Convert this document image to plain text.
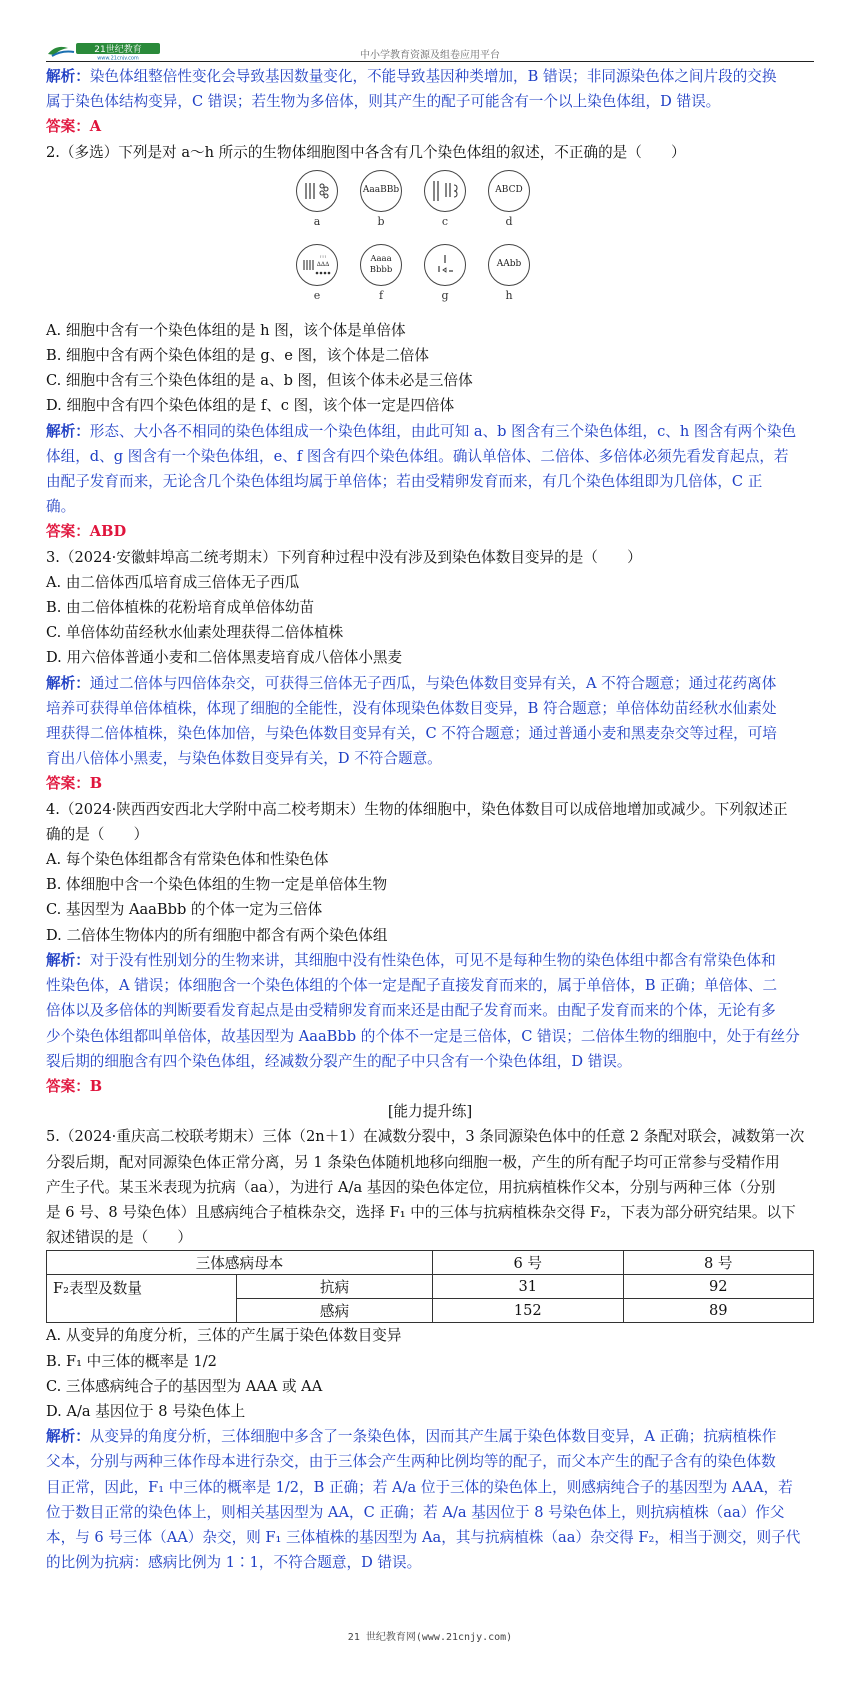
21世纪教育
www.21cnjy.com	中小学教育资源及组卷应用平台
解析：染色体组整倍性变化会导致基因数量变化，不能导致基因种类增加，B 错误；非同源染色体之间片段的交换
属于染色体结构变异，C 错误；若生物为多倍体，则其产生的配子可能含有一个以上染色体组，D 错误。
答案：A
2.（多选）下列是对 a～h 所示的生物体细胞图中各含有几个染色体组的叙述，不正确的是（　　）
a
AaaBBb
b	c
ABCD
d
ꜛꜛꜛ
∆∆∆
e
Aaaa Bbbb
f	g
AAbb
h
A. 细胞中含有一个染色体组的是 h 图，该个体是单倍体
B. 细胞中含有两个染色体组的是 g、e 图，该个体是二倍体
C. 细胞中含有三个染色体组的是 a、b 图，但该个体未必是三倍体
D. 细胞中含有四个染色体组的是 f、c 图，该个体一定是四倍体
解析：形态、大小各不相同的染色体组成一个染色体组，由此可知 a、b 图含有三个染色体组，c、h 图含有两个染色
体组，d、g 图含有一个染色体组，e、f 图含有四个染色体组。确认单倍体、二倍体、多倍体必须先看发育起点，若
由配子发育而来，无论含几个染色体组均属于单倍体；若由受精卵发育而来，有几个染色体组即为几倍体，C 正
确。
答案：ABD
3.（2024·安徽蚌埠高二统考期末）下列育种过程中没有涉及到染色体数目变异的是（　　）
A. 由二倍体西瓜培育成三倍体无子西瓜
B. 由二倍体植株的花粉培育成单倍体幼苗
C. 单倍体幼苗经秋水仙素处理获得二倍体植株
D. 用六倍体普通小麦和二倍体黑麦培育成八倍体小黑麦
解析：通过二倍体与四倍体杂交，可获得三倍体无子西瓜，与染色体数目变异有关，A 不符合题意；通过花药离体
培养可获得单倍体植株，体现了细胞的全能性，没有体现染色体数目变异，B 符合题意；单倍体幼苗经秋水仙素处
理获得二倍体植株，染色体加倍，与染色体数目变异有关，C 不符合题意；通过普通小麦和黑麦杂交等过程，可培
育出八倍体小黑麦，与染色体数目变异有关，D 不符合题意。
答案：B
4.（2024·陕西西安西北大学附中高二校考期末）生物的体细胞中，染色体数目可以成倍地增加或减少。下列叙述正
确的是（　　）
A. 每个染色体组都含有常染色体和性染色体
B. 体细胞中含一个染色体组的生物一定是单倍体生物
C. 基因型为 AaaBbb 的个体一定为三倍体
D. 二倍体生物体内的所有细胞中都含有两个染色体组
解析：对于没有性别划分的生物来讲，其细胞中没有性染色体，可见不是每种生物的染色体组中都含有常染色体和
性染色体，A 错误；体细胞含一个染色体组的个体一定是配子直接发育而来的，属于单倍体，B 正确；单倍体、二
倍体以及多倍体的判断要看发育起点是由受精卵发育而来还是由配子发育而来。由配子发育而来的个体，无论有多
少个染色体组都叫单倍体，故基因型为 AaaBbb 的个体不一定是三倍体，C 错误；二倍体生物的细胞中，处于有丝分
裂后期的细胞含有四个染色体组，经减数分裂产生的配子中只含有一个染色体组，D 错误。
答案：B
[能力提升练]
5.（2024·重庆高二校联考期末）三体（2n＋1）在减数分裂中，3 条同源染色体中的任意 2 条配对联会，减数第一次
分裂后期，配对同源染色体正常分离，另 1 条染色体随机地移向细胞一极，产生的所有配子均可正常参与受精作用
产生子代。某玉米表现为抗病（aa），为进行 A/a 基因的染色体定位，用抗病植株作父本，分别与两种三体（分别
是 6 号、8 号染色体）且感病纯合子植株杂交，选择 F₁ 中的三体与抗病植株杂交得 F₂，下表为部分研究结果。以下
叙述错误的是（　　）
三体感病母本		6 号	8 号
F₂表型及数量	抗病	31	92
	感病	152	89
A. 从变异的角度分析，三体的产生属于染色体数目变异
B. F₁ 中三体的概率是 1/2
C. 三体感病纯合子的基因型为 AAA 或 AA
D. A/a 基因位于 8 号染色体上
解析：从变异的角度分析，三体细胞中多含了一条染色体，因而其产生属于染色体数目变异，A 正确；抗病植株作
父本，分别与两种三体作母本进行杂交，由于三体会产生两种比例均等的配子，而父本产生的配子含有的染色体数
目正常，因此，F₁ 中三体的概率是 1/2，B 正确；若 A/a 位于三体的染色体上，则感病纯合子的基因型为 AAA，若
位于数目正常的染色体上，则相关基因型为 AA，C 正确；若 A/a 基因位于 8 号染色体上，则抗病植株（aa）作父
本，与 6 号三体（AA）杂交，则 F₁ 三体植株的基因型为 Aa，其与抗病植株（aa）杂交得 F₂，相当于测交，则子代
的比例为抗病：感病比例为 1∶1，不符合题意，D 错误。
21 世纪教育网(www.21cnjy.com)
